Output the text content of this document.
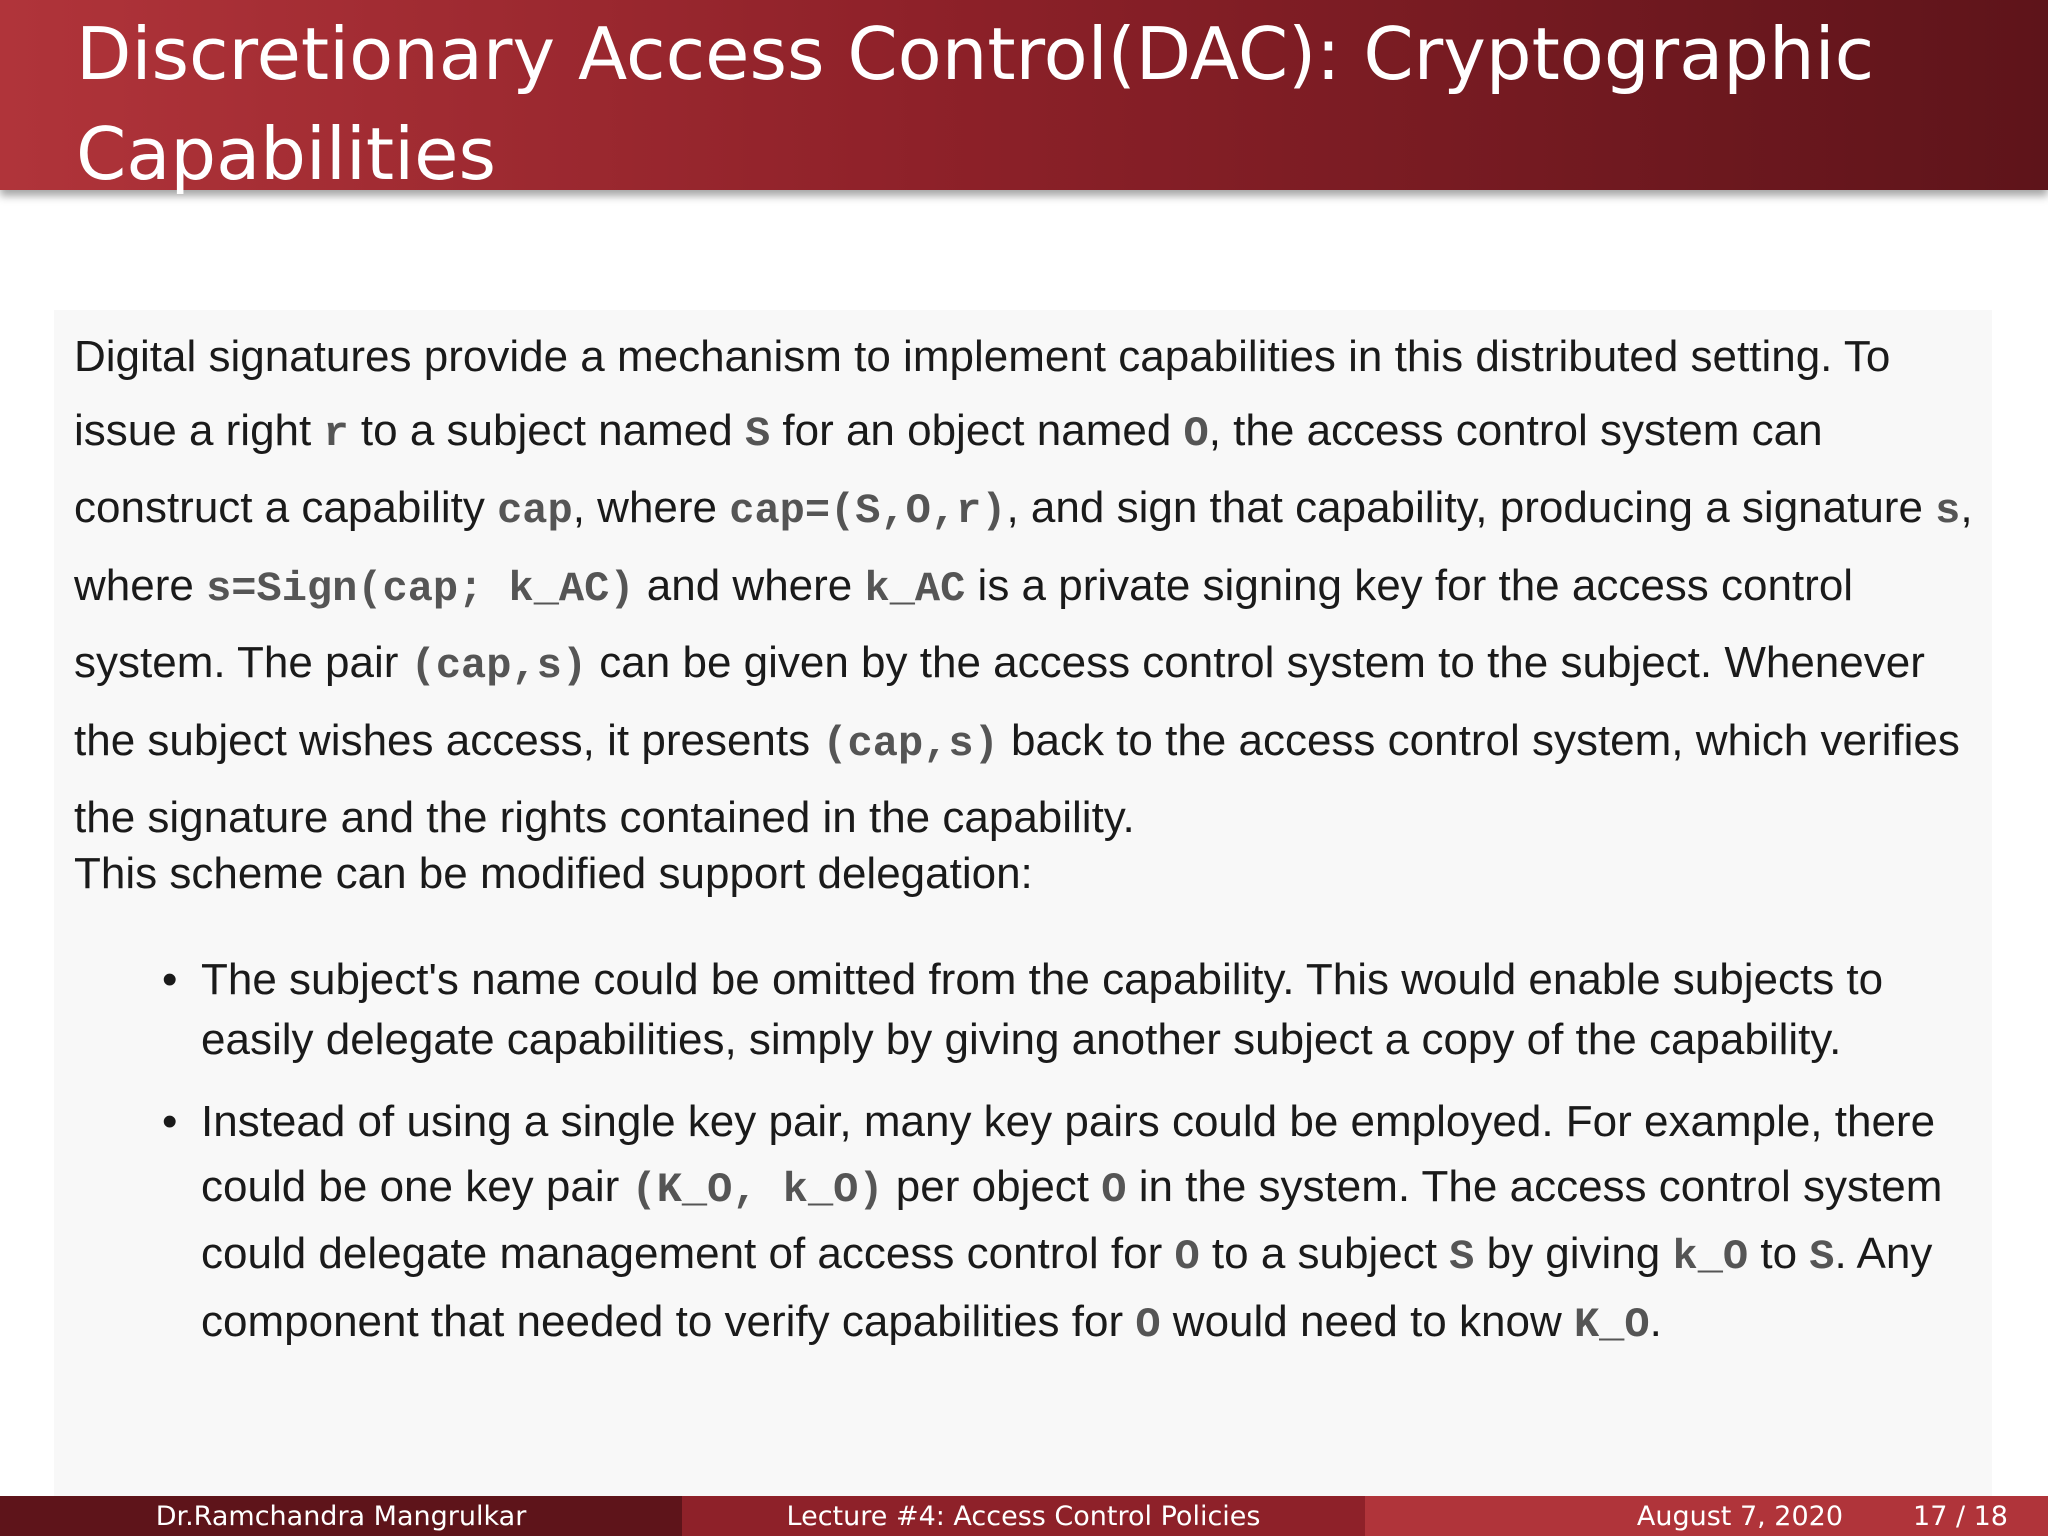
Discretionary Access Control(DAC): Cryptographic Capabilities

Digital signatures provide a mechanism to implement capabilities in this distributed setting. To issue a right r to a subject named S for an object named O, the access control system can construct a capability cap, where cap=(S,O,r), and sign that capability, producing a signature s, where s=Sign(cap; k_AC) and where k_AC is a private signing key for the access control system. The pair (cap,s) can be given by the access control system to the subject. Whenever the subject wishes access, it presents (cap,s) back to the access control system, which verifies the signature and the rights contained in the capability.

This scheme can be modified support delegation:

• The subject's name could be omitted from the capability. This would enable subjects to easily delegate capabilities, simply by giving another subject a copy of the capability.
• Instead of using a single key pair, many key pairs could be employed. For example, there could be one key pair (K_O, k_O) per object O in the system. The access control system could delegate management of access control for O to a subject S by giving k_O to S. Any component that needed to verify capabilities for O would need to know K_O.
Dr.Ramchandra Mangrulkar	Lecture #4: Access Control Policies	August 7, 2020	17 / 18
